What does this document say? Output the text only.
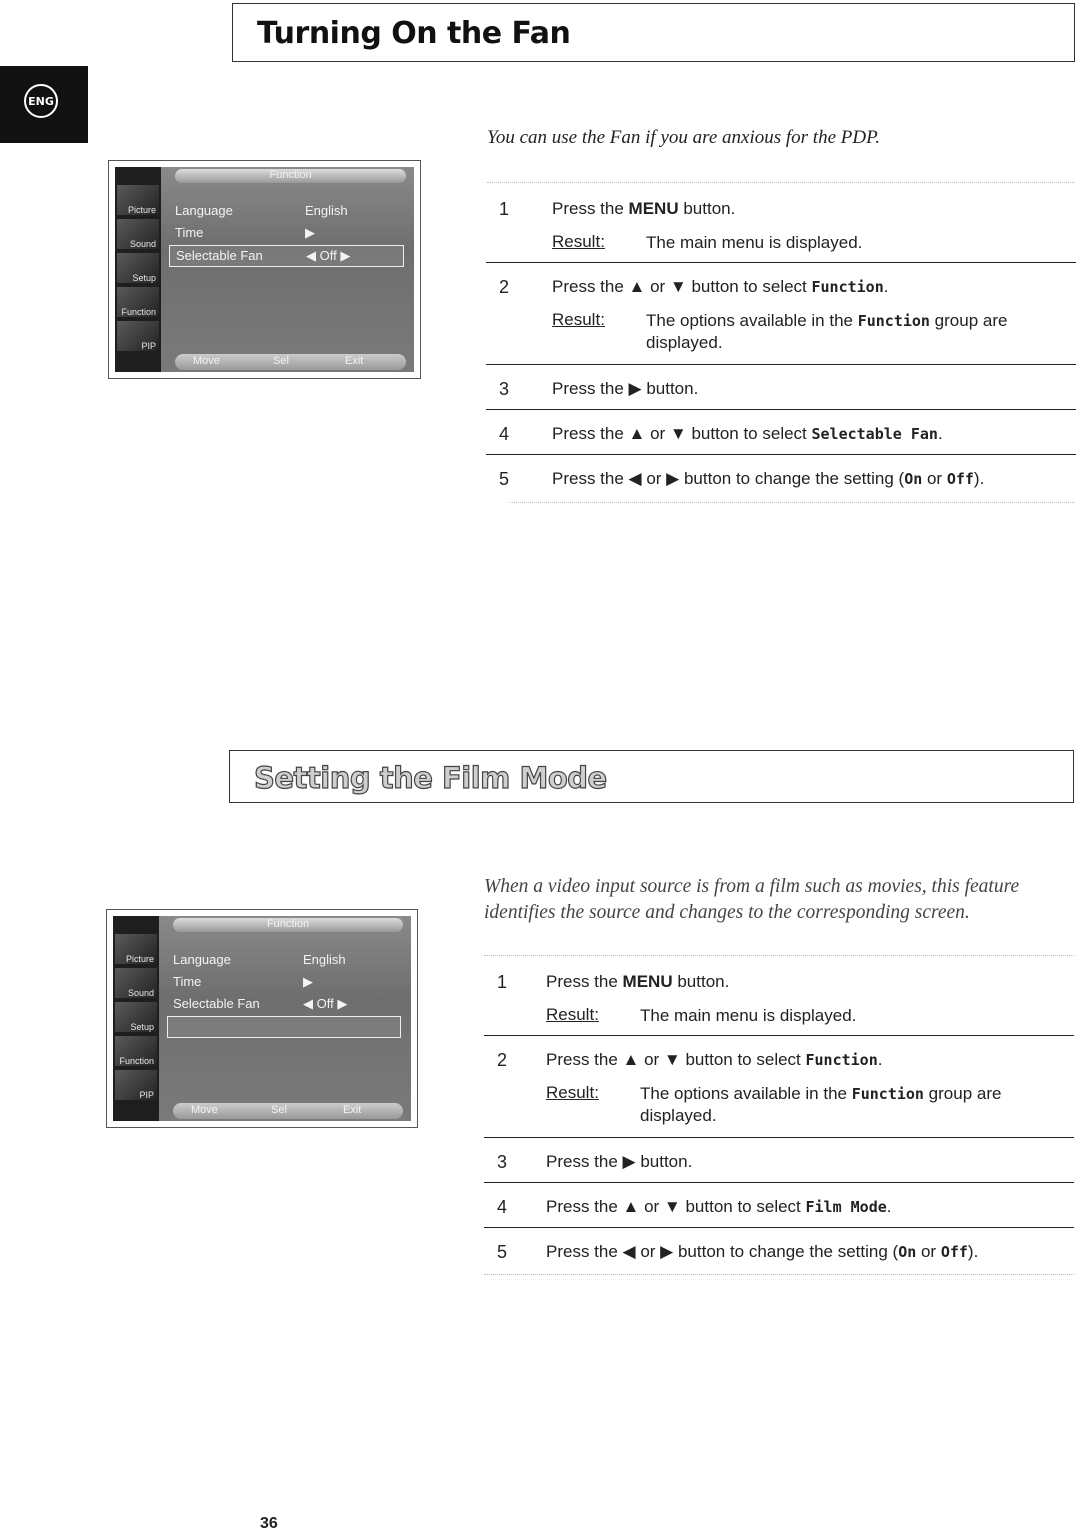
ENG
Turning On the Fan
You can use the Fan if you are anxious for the PDP.
Picture
Sound
Setup
Function
PIP
Function
Language	English
Time	▶
Selectable Fan	◀ Off ▶
Move	Sel	Exit
1	Press the MENU button.
Result:	The main menu is displayed.
2	Press the ▲ or ▼ button to select Function.
Result:	The options available in the Function group are displayed.
3	Press the ▶ button.
4	Press the ▲ or ▼ button to select Selectable Fan.
5	Press the ◀ or ▶ button to change the setting (On or Off).
Setting the Film Mode
When a video input source is from a film such as movies, this feature identifies the source and changes to the corresponding screen.
Picture
Sound
Setup
Function
PIP
Function
Language	English
Time	▶
Selectable Fan	◀ Off ▶
Move	Sel	Exit
1 Press the MENU button.
Result:	The main menu is displayed.
2 Press the ▲ or ▼ button to select Function.
Result:	The options available in the Function group are displayed.
3 Press the ▶ button.
4 Press the ▲ or ▼ button to select Film Mode.
5 Press the ◀ or ▶ button to change the setting (On or Off).
36
